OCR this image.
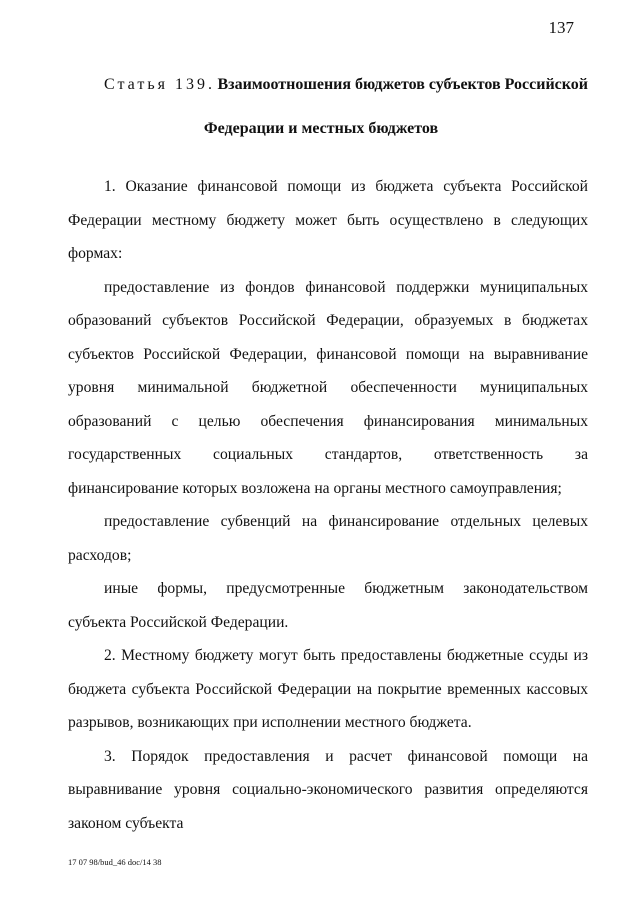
137
Статья 139. Взаимоотношения бюджетов субъектов Российской
Федерации и местных бюджетов

1. Оказание финансовой помощи из бюджета субъекта Российской Федерации местному бюджету может быть осуществлено в следующих формах:

предоставление из фондов финансовой поддержки муниципальных образований субъектов Российской Федерации, образуемых в бюджетах субъектов Российской Федерации, финансовой помощи на выравнивание уровня минимальной бюджетной обеспеченности муниципальных образований с целью обеспечения финансирования минимальных государственных социальных стандартов, ответственность за финансирование которых возложена на органы местного самоуправления;

предоставление субвенций на финансирование отдельных целевых расходов;

иные формы, предусмотренные бюджетным законодательством субъекта Российской Федерации.

2. Местному бюджету могут быть предоставлены бюджетные ссуды из бюджета субъекта Российской Федерации на покрытие временных кассовых разрывов, возникающих при исполнении местного бюджета.

3. Порядок предоставления и расчет финансовой помощи на выравнивание уровня социально-экономического развития определяются законом субъекта

17 07 98/bud_46 doc/14 38
